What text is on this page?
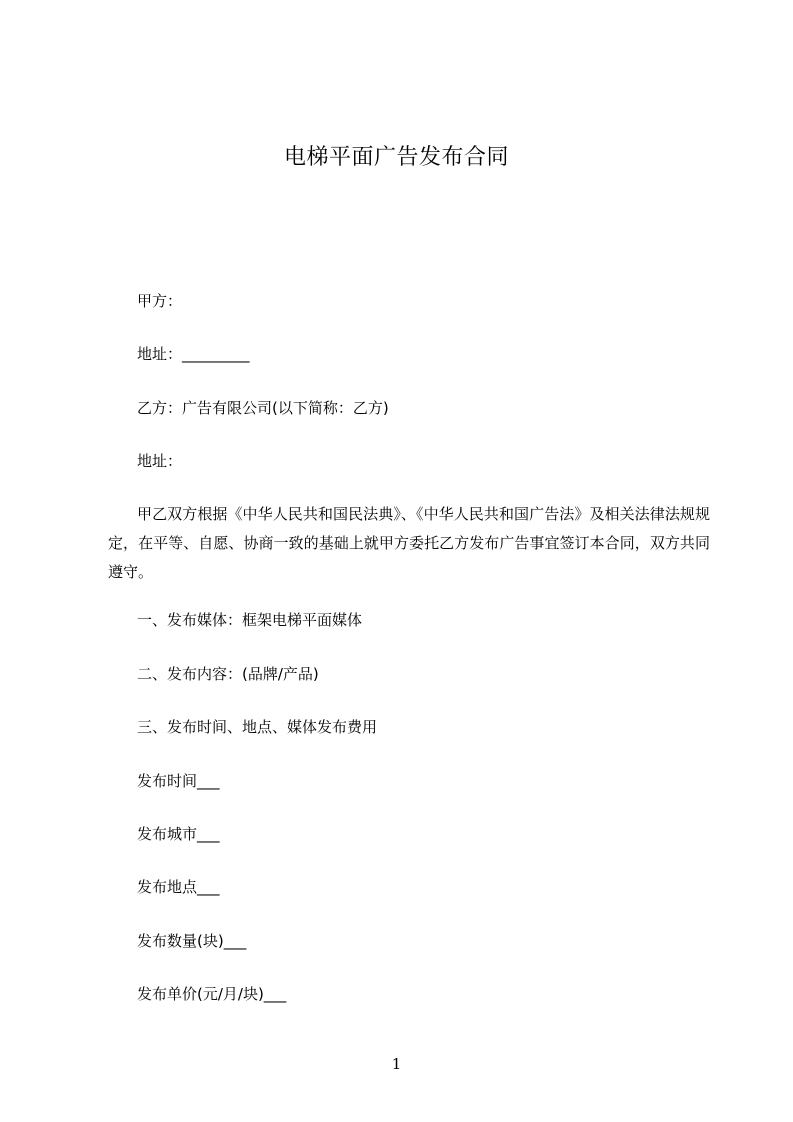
电梯平面广告发布合同
甲方：
地址：_________
乙方：广告有限公司(以下简称：乙方)
地址：
甲乙双方根据《中华人民共和国民法典》、《中华人民共和国广告法》及相关法律法规规定，在平等、自愿、协商一致的基础上就甲方委托乙方发布广告事宜签订本合同，双方共同遵守。
一、发布媒体：框架电梯平面媒体
二、发布内容：(品牌/产品)
三、发布时间、地点、媒体发布费用
发布时间___
发布城市___
发布地点___
发布数量(块)___
发布单价(元/月/块)___
1
